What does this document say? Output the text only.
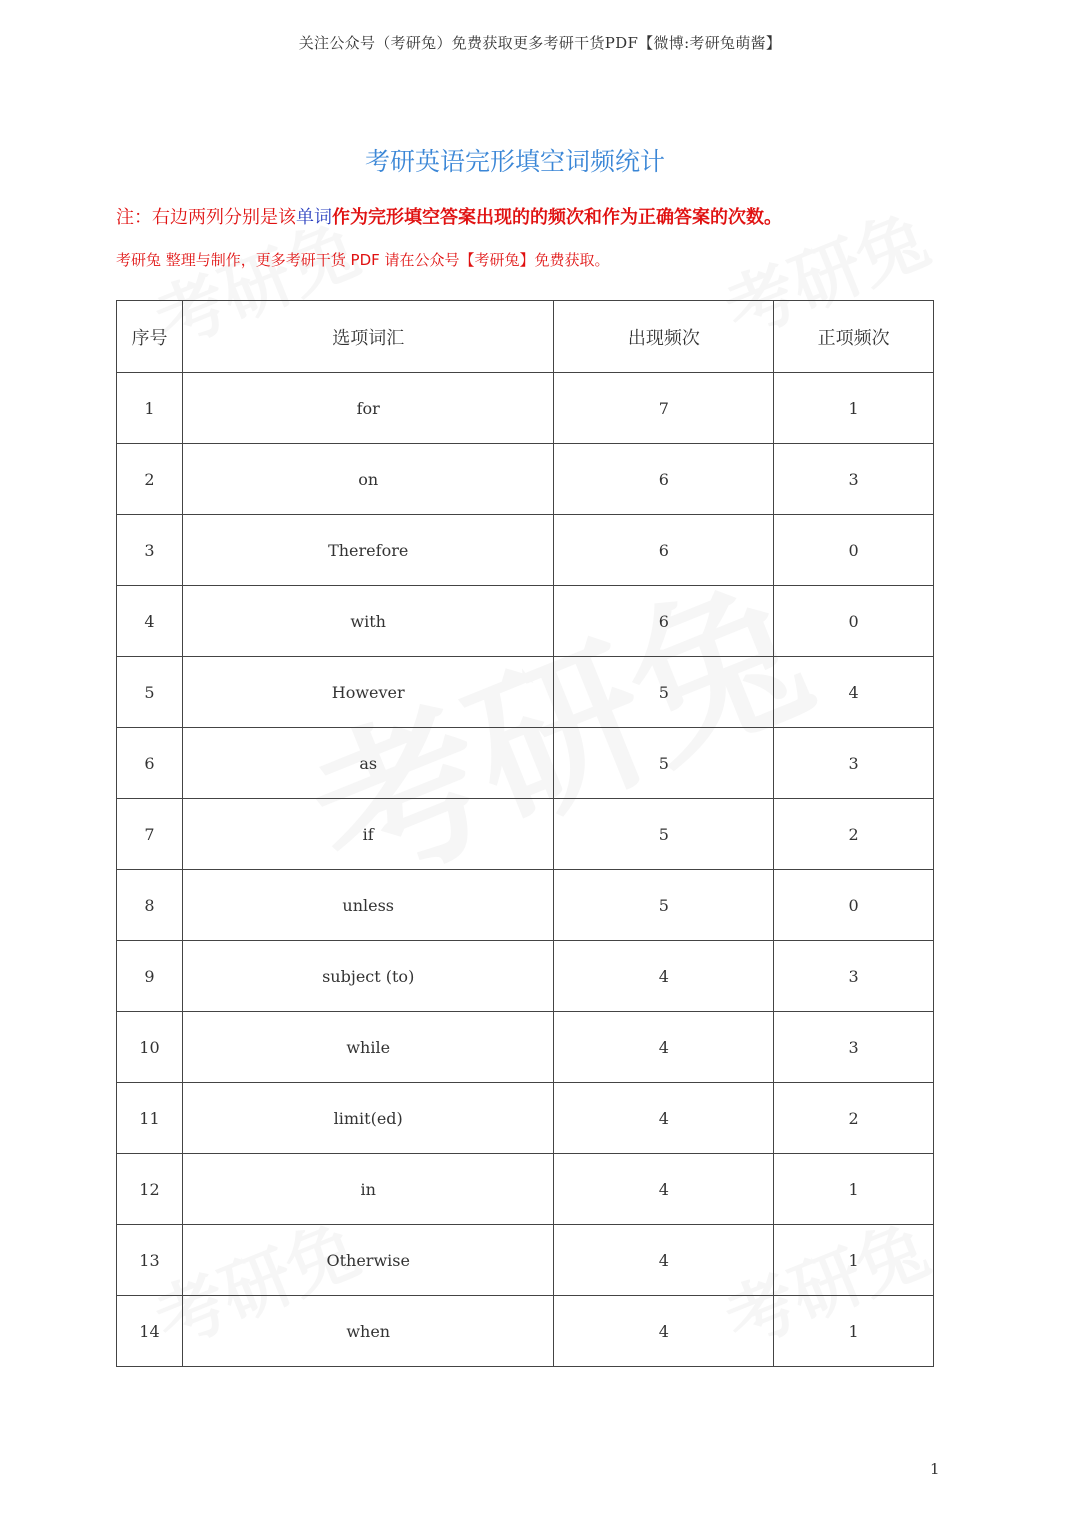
关注公众号（考研兔）免费获取更多考研干货PDF【微博:考研兔萌酱】
考研英语完形填空词频统计
注：右边两列分别是该单词作为完形填空答案出现的的频次和作为正确答案的次数。
考研兔 整理与制作，更多考研干货 PDF 请在公众号【考研兔】免费获取。
序号	选项词汇	出现频次	正项频次
1	for	7	1
2	on	6	3
3	Therefore	6	0
4	with	6	0
5	However	5	4
6	as	5	3
7	if	5	2
8	unless	5	0
9	subject (to)	4	3
10	while	4	3
11	limit(ed)	4	2
12	in	4	1
13	Otherwise	4	1
14	when	4	1
1
